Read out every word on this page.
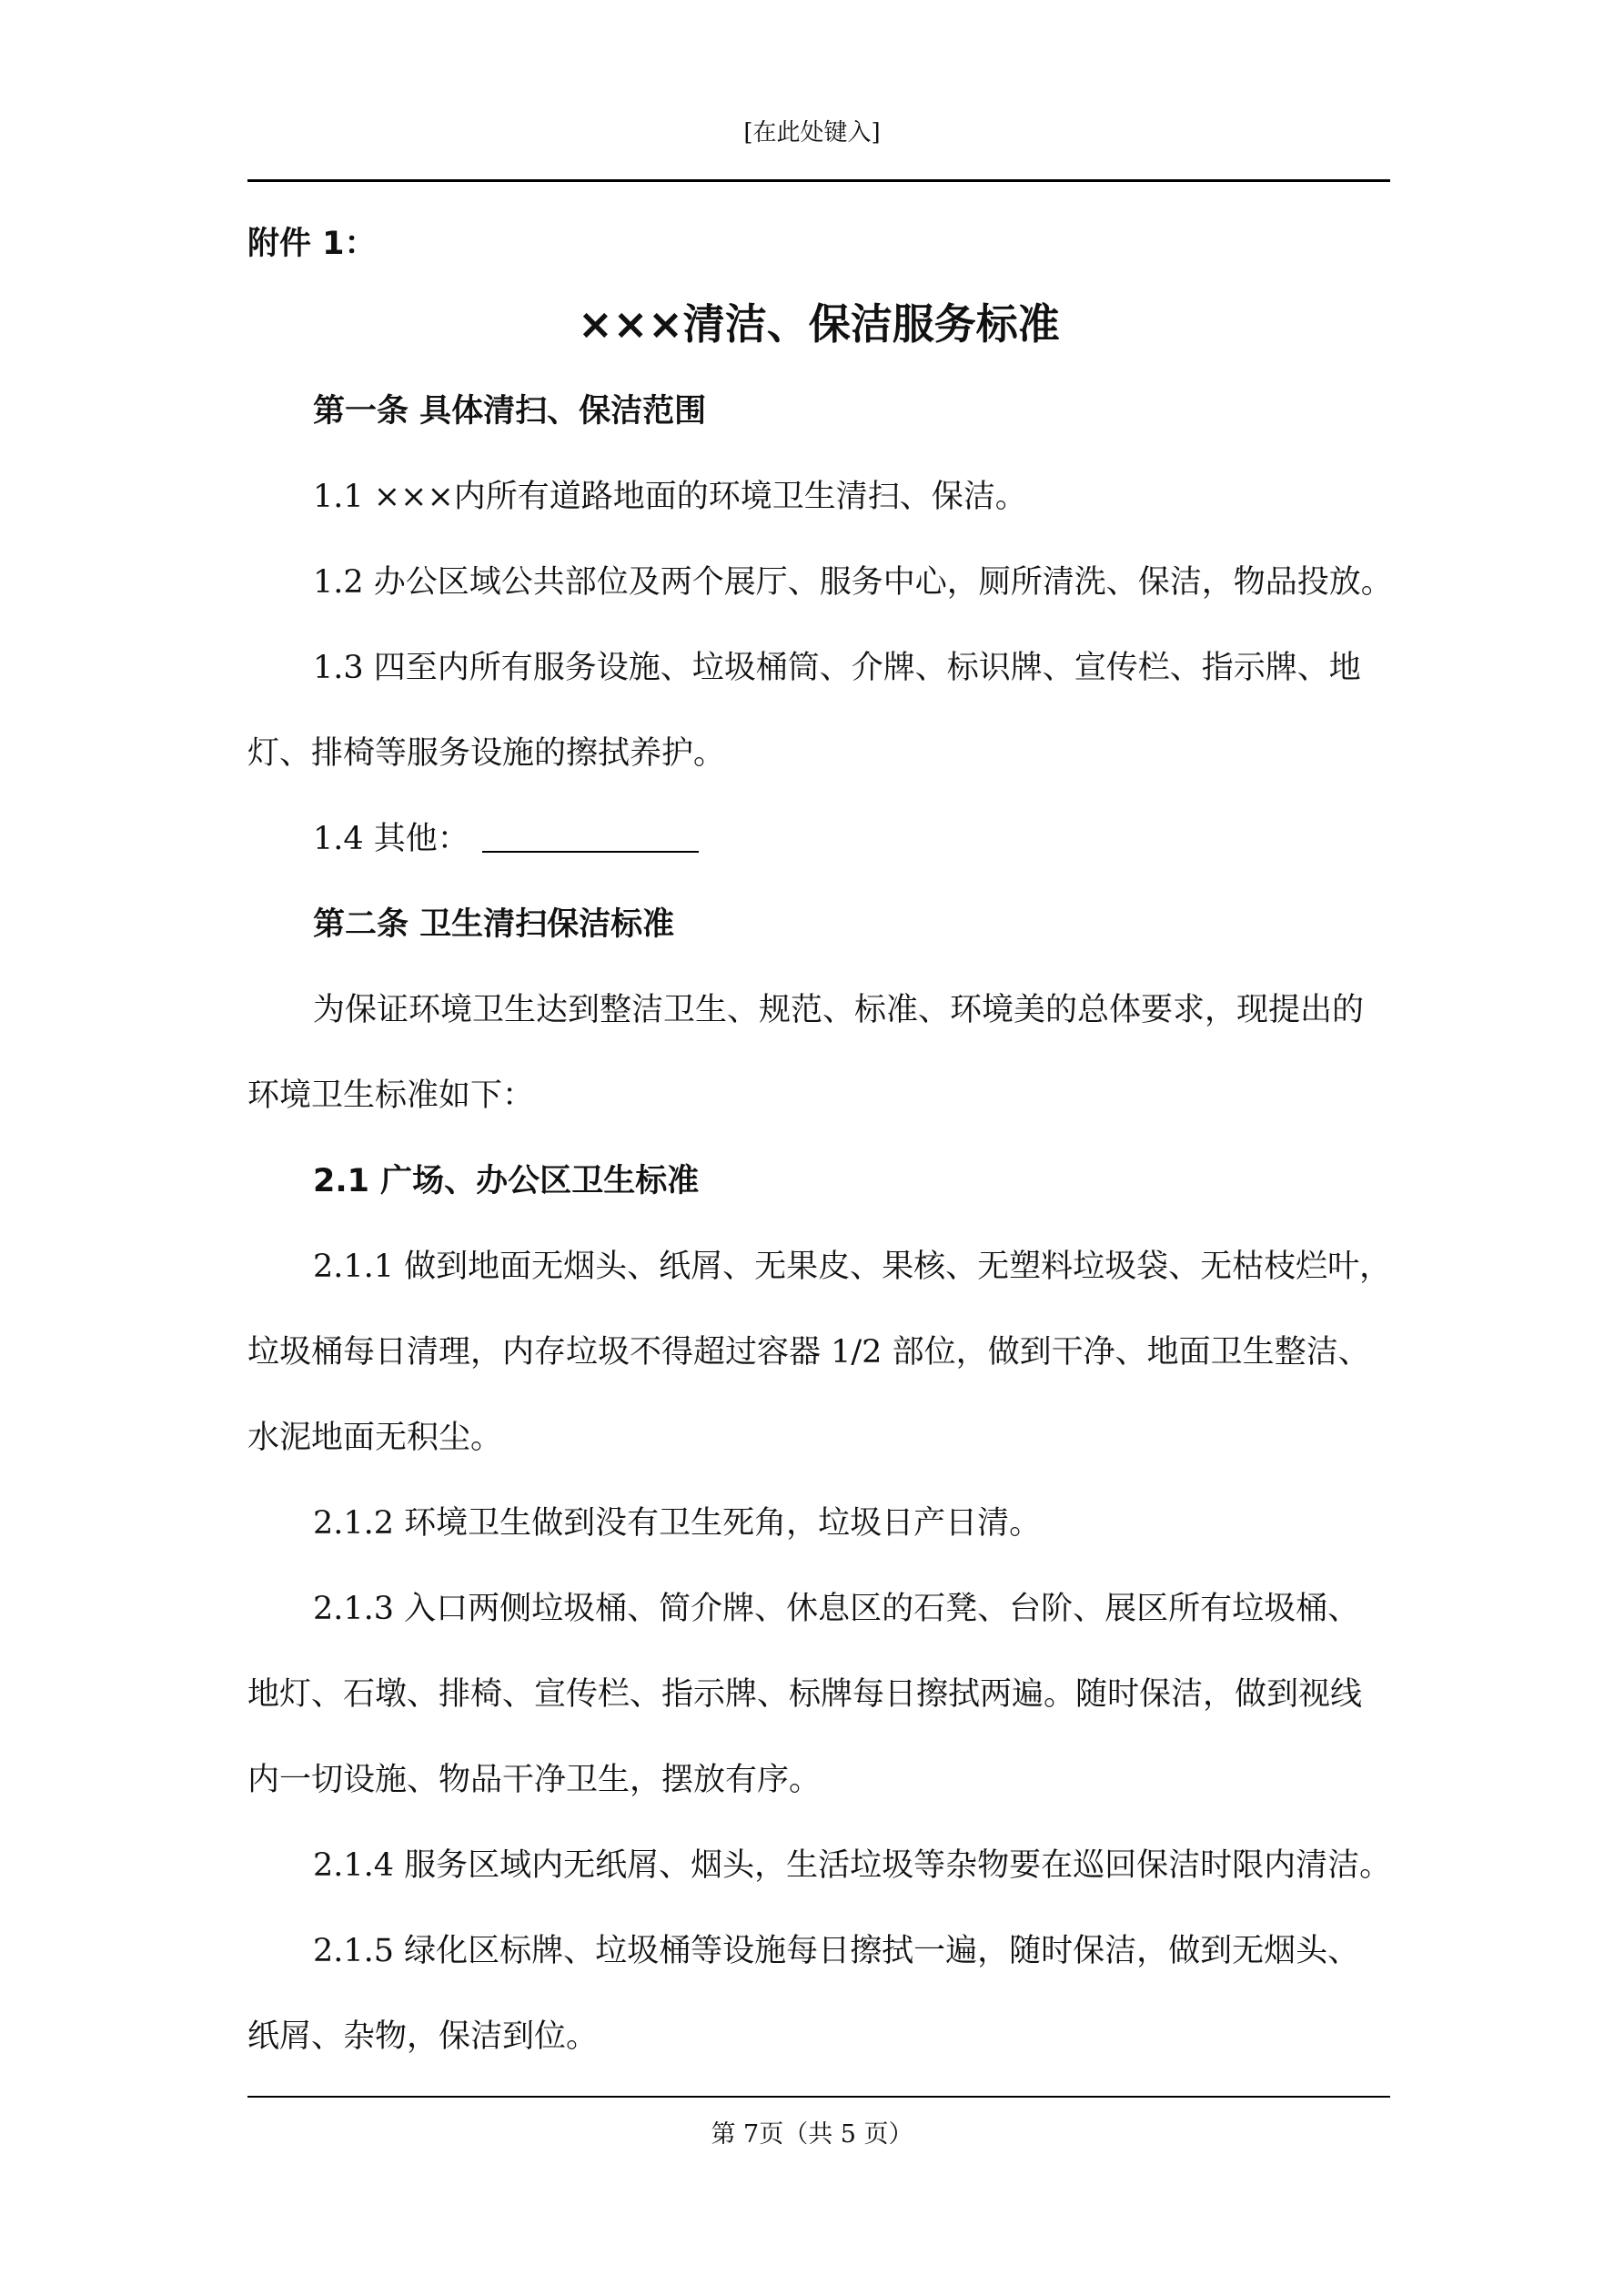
[在此处键入]
附件 1：
×××清洁、保洁服务标准
第一条 具体清扫、保洁范围
1.1 ×××内所有道路地面的环境卫生清扫、保洁。
1.2 办公区域公共部位及两个展厅、服务中心，厕所清洗、保洁，物品投放。
1.3 四至内所有服务设施、垃圾桶筒、介牌、标识牌、宣传栏、指示牌、地
灯、排椅等服务设施的擦拭养护。
1.4 其他：
第二条 卫生清扫保洁标准
为保证环境卫生达到整洁卫生、规范、标准、环境美的总体要求，现提出的
环境卫生标准如下：
2.1 广场、办公区卫生标准
2.1.1 做到地面无烟头、纸屑、无果皮、果核、无塑料垃圾袋、无枯枝烂叶，
垃圾桶每日清理，内存垃圾不得超过容器 1/2 部位，做到干净、地面卫生整洁、
水泥地面无积尘。
2.1.2 环境卫生做到没有卫生死角，垃圾日产日清。
2.1.3 入口两侧垃圾桶、简介牌、休息区的石凳、台阶、展区所有垃圾桶、
地灯、石墩、排椅、宣传栏、指示牌、标牌每日擦拭两遍。随时保洁，做到视线
内一切设施、物品干净卫生，摆放有序。
2.1.4 服务区域内无纸屑、烟头，生活垃圾等杂物要在巡回保洁时限内清洁。
2.1.5 绿化区标牌、垃圾桶等设施每日擦拭一遍，随时保洁，做到无烟头、
纸屑、杂物，保洁到位。
第 7页（共 5 页）
